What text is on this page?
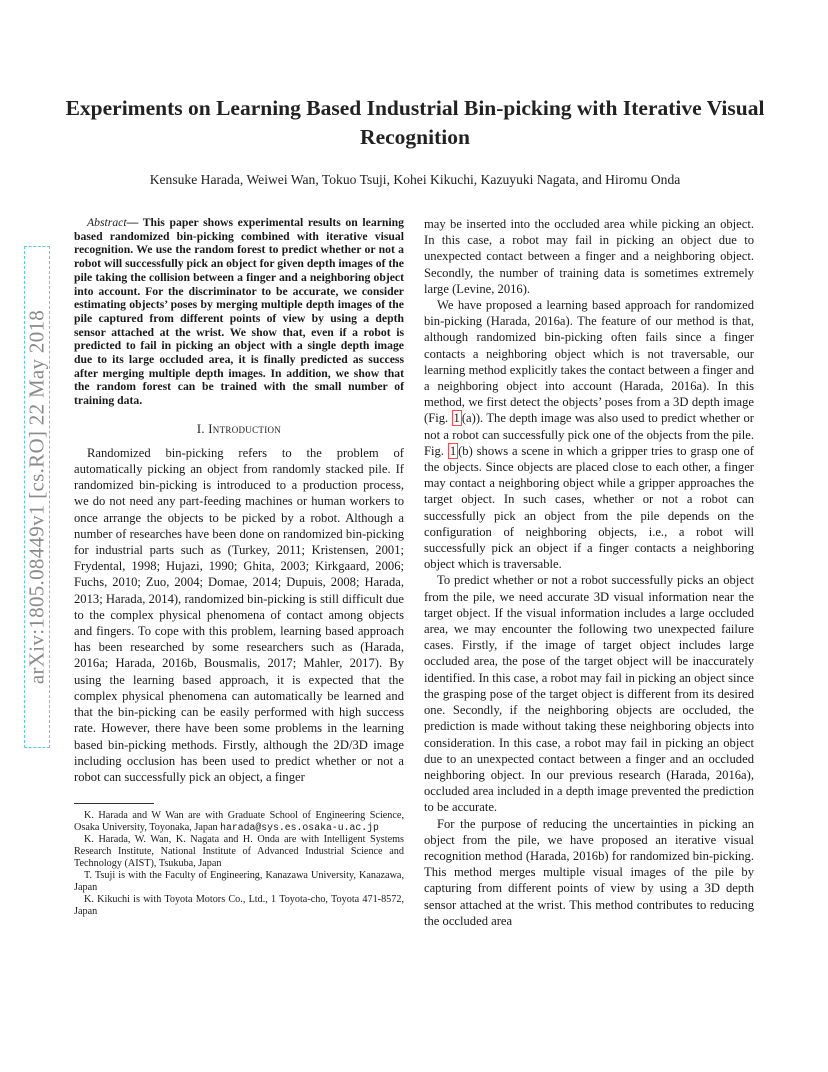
arXiv:1805.08449v1 [cs.RO] 22 May 2018
Experiments on Learning Based Industrial Bin-picking with Iterative Visual Recognition
Kensuke Harada, Weiwei Wan, Tokuo Tsuji, Kohei Kikuchi, Kazuyuki Nagata, and Hiromu Onda

Abstract— This paper shows experimental results on learning based randomized bin-picking combined with iterative visual recognition. We use the random forest to predict whether or not a robot will successfully pick an object for given depth images of the pile taking the collision between a finger and a neighboring object into account. For the discriminator to be accurate, we consider estimating objects’ poses by merging multiple depth images of the pile captured from different points of view by using a depth sensor attached at the wrist. We show that, even if a robot is predicted to fail in picking an object with a single depth image due to its large occluded area, it is finally predicted as success after merging multiple depth images. In addition, we show that the random forest can be trained with the small number of training data.

I. Introduction

Randomized bin-picking refers to the problem of automatically picking an object from randomly stacked pile. If randomized bin-picking is introduced to a production process, we do not need any part-feeding machines or human workers to once arrange the objects to be picked by a robot. Although a number of researches have been done on randomized bin-picking for industrial parts such as (Turkey, 2011; Kristensen, 2001; Frydental, 1998; Hujazi, 1990; Ghita, 2003; Kirkgaard, 2006; Fuchs, 2010; Zuo, 2004; Domae, 2014; Dupuis, 2008; Harada, 2013; Harada, 2014), randomized bin-picking is still difficult due to the complex physical phenomena of contact among objects and fingers. To cope with this problem, learning based approach has been researched by some researchers such as (Harada, 2016a; Harada, 2016b, Bousmalis, 2017; Mahler, 2017). By using the learning based approach, it is expected that the complex physical phenomena can automatically be learned and that the bin-picking can be easily performed with high success rate. However, there have been some problems in the learning based bin-picking methods. Firstly, although the 2D/3D image including occlusion has been used to predict whether or not a robot can successfully pick an object, a finger

K. Harada and W Wan are with Graduate School of Engineering Science, Osaka University, Toyonaka, Japan harada@sys.es.osaka-u.ac.jp

K. Harada, W. Wan, K. Nagata and H. Onda are with Intelligent Systems Research Institute, National Institute of Advanced Industrial Science and Technology (AIST), Tsukuba, Japan

T. Tsuji is with the Faculty of Engineering, Kanazawa University, Kanazawa, Japan

K. Kikuchi is with Toyota Motors Co., Ltd., 1 Toyota-cho, Toyota 471-8572, Japan

may be inserted into the occluded area while picking an object. In this case, a robot may fail in picking an object due to unexpected contact between a finger and a neighboring object. Secondly, the number of training data is sometimes extremely large (Levine, 2016).

We have proposed a learning based approach for randomized bin-picking (Harada, 2016a). The feature of our method is that, although randomized bin-picking often fails since a finger contacts a neighboring object which is not traversable, our learning method explicitly takes the contact between a finger and a neighboring object into account (Harada, 2016a). In this method, we first detect the objects’ poses from a 3D depth image (Fig. 1 (a)). The depth image was also used to predict whether or not a robot can successfully pick one of the objects from the pile. Fig. 1 (b) shows a scene in which a gripper tries to grasp one of the objects. Since objects are placed close to each other, a finger may contact a neighboring object while a gripper approaches the target object. In such cases, whether or not a robot can successfully pick an object from the pile depends on the configuration of neighboring objects, i.e., a robot will successfully pick an object if a finger contacts a neighboring object which is traversable.

To predict whether or not a robot successfully picks an object from the pile, we need accurate 3D visual information near the target object. If the visual information includes a large occluded area, we may encounter the following two unexpected failure cases. Firstly, if the image of target object includes large occluded area, the pose of the target object will be inaccurately identified. In this case, a robot may fail in picking an object since the grasping pose of the target object is different from its desired one. Secondly, if the neighboring objects are occluded, the prediction is made without taking these neighboring objects into consideration. In this case, a robot may fail in picking an object due to an unexpected contact between a finger and an occluded neighboring object. In our previous research (Harada, 2016a), occluded area included in a depth image prevented the prediction to be accurate.

For the purpose of reducing the uncertainties in picking an object from the pile, we have proposed an iterative visual recognition method (Harada, 2016b) for randomized bin-picking. This method merges multiple visual images of the pile by capturing from different points of view by using a 3D depth sensor attached at the wrist. This method contributes to reducing the occluded area
